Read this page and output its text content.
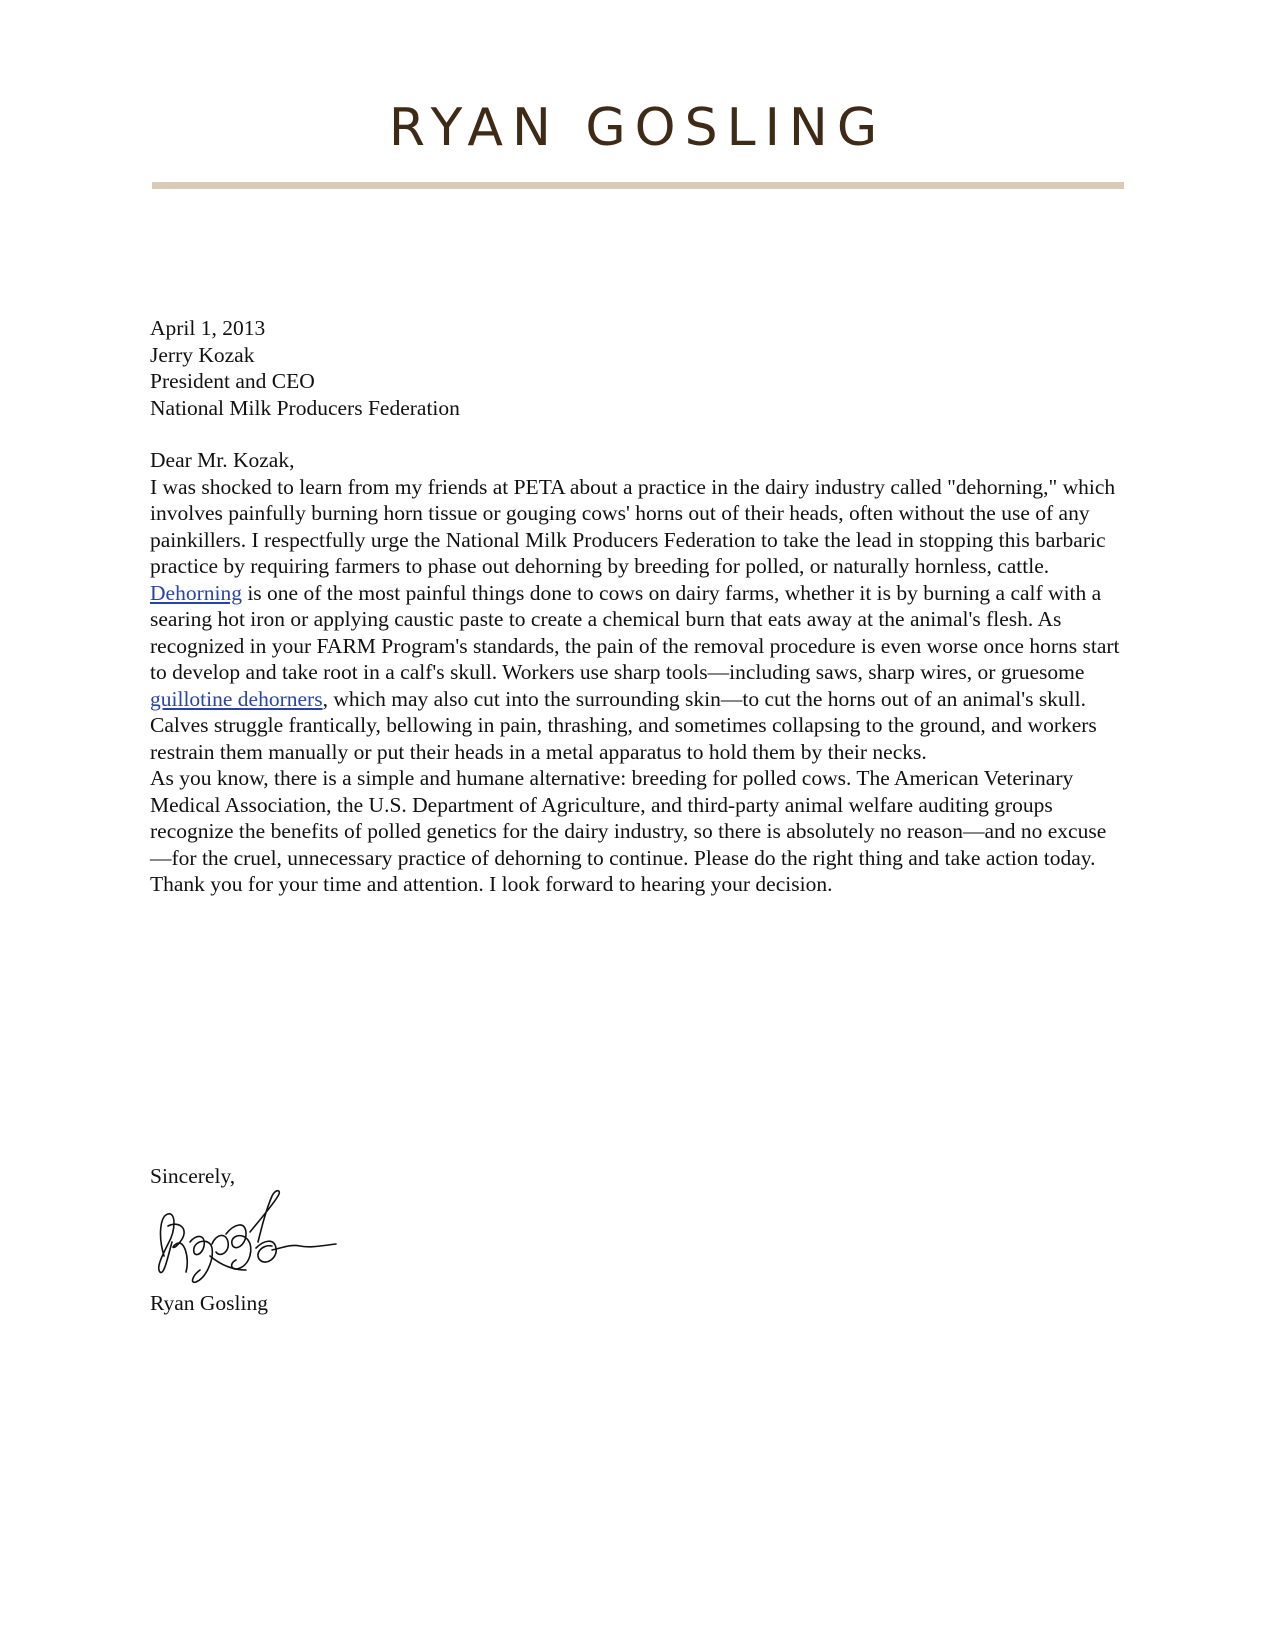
RYAN GOSLING

April 1, 2013

Jerry Kozak

President and CEO

National Milk Producers Federation

Dear Mr. Kozak,

I was shocked to learn from my friends at PETA about a practice in the dairy industry called "dehorning," which involves painfully burning horn tissue or gouging cows' horns out of their heads, often without the use of any painkillers. I respectfully urge the National Milk Producers Federation to take the lead in stopping this barbaric practice by requiring farmers to phase out dehorning by breeding for polled, or naturally hornless, cattle.

Dehorning is one of the most painful things done to cows on dairy farms, whether it is by burning a calf with a searing hot iron or applying caustic paste to create a chemical burn that eats away at the animal's flesh. As recognized in your FARM Program's standards, the pain of the removal procedure is even worse once horns start to develop and take root in a calf's skull. Workers use sharp tools—including saws, sharp wires, or gruesome guillotine dehorners, which may also cut into the surrounding skin—to cut the horns out of an animal's skull. Calves struggle frantically, bellowing in pain, thrashing, and sometimes collapsing to the ground, and workers restrain them manually or put their heads in a metal apparatus to hold them by their necks.

As you know, there is a simple and humane alternative: breeding for polled cows. The American Veterinary Medical Association, the U.S. Department of Agriculture, and third-party animal welfare auditing groups recognize the benefits of polled genetics for the dairy industry, so there is absolutely no reason—and no excuse—for the cruel, unnecessary practice of dehorning to continue. Please do the right thing and take action today.

Thank you for your time and attention. I look forward to hearing your decision.

Sincerely,

Ryan Gosling
